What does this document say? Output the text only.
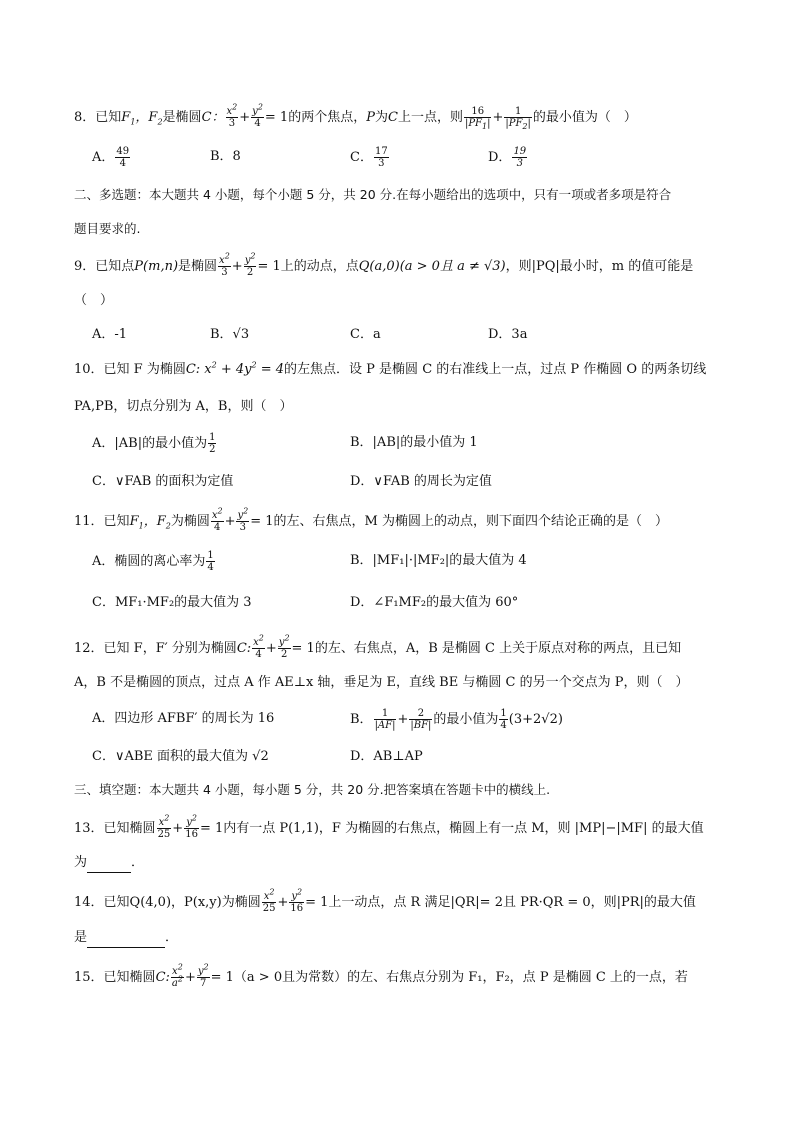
8．已知$F_1$，$F_2$是椭圆C： $\frac{x^2}{3} + \frac{y^2}{4} = 1$的两个焦点，P为C上一点，则 $\frac{16}{|PF_1|} + \frac{1}{|PF_2|}$ 的最小值为（　）
A． $\frac{49}{4}$	B．8	C． $\frac{17}{3}$	D． $\frac{19}{3}$
二、多选题：本大题共 4 小题，每个小题 5 分，共 20 分.在每小题给出的选项中，只有一项或者多项是符合
题目要求的.
9．已知点P(m,n)是椭圆 $\frac{x^2}{3} + \frac{y^2}{2} = 1$上的动点，点Q(a,0)(a > 0且 a ≠ √3)，则|PQ|最小时，m 的值可能是
（　）
A．-1	B．√3	C．a	D．3a
10．已知 F 为椭圆C: $x^2 + 4y^2 = 4$的左焦点．设 P 是椭圆 C 的右准线上一点，过点 P 作椭圆 O 的两条切线
PA,PB，切点分别为 A，B，则（　）
A．|AB|的最小值为 $\frac{1}{2}$	B．|AB|的最小值为 1
C．∨FAB 的面积为定值	D．∨FAB 的周长为定值
11．已知$F_1$，$F_2$为椭圆 $\frac{x^2}{4} + \frac{y^2}{3} = 1$的左、右焦点，M 为椭圆上的动点，则下面四个结论正确的是（　）
A．椭圆的离心率为 $\frac{1}{4}$	B．|MF₁|·|MF₂|的最大值为 4
C．MF₁·MF₂的最大值为 3	D．∠F₁MF₂的最大值为 60°
12．已知 F，F′ 分别为椭圆C: $\frac{x^2}{4} + \frac{y^2}{2} = 1$的左、右焦点，A，B 是椭圆 C 上关于原点对称的两点，且已知
A，B 不是椭圆的顶点，过点 A 作 AE⊥x 轴，垂足为 E，直线 BE 与椭圆 C 的另一个交点为 P，则（　）
A．四边形 AFBF′ 的周长为 16	B． $\frac{1}{|AF|} + \frac{2}{|BF|}$ 的最小值为 $\frac{1}{4} (3+2√2)$
C．∨ABE 面积的最大值为 √2	D．AB⊥AP
三、填空题：本大题共 4 小题，每小题 5 分，共 20 分.把答案填在答题卡中的横线上.
13．已知椭圆 $\frac{x^2}{25} + \frac{y^2}{16} = 1$内有一点 P(1,1)，F 为椭圆的右焦点，椭圆上有一点 M，则 |MP|−|MF| 的最大值
为	．
14．已知Q(4,0)，P(x,y)为椭圆 $\frac{x^2}{25} + \frac{y^2}{16} = 1$上一动点，点 R 满足|QR|= 2且 PR·QR = 0，则|PR|的最大值
是	．
15．已知椭圆C: $\frac{x^2}{a^2} + \frac{y^2}{7} = 1(a > 0$且为常数）的左、右焦点分别为 F₁，F₂，点 P 是椭圆 C 上的一点，若
